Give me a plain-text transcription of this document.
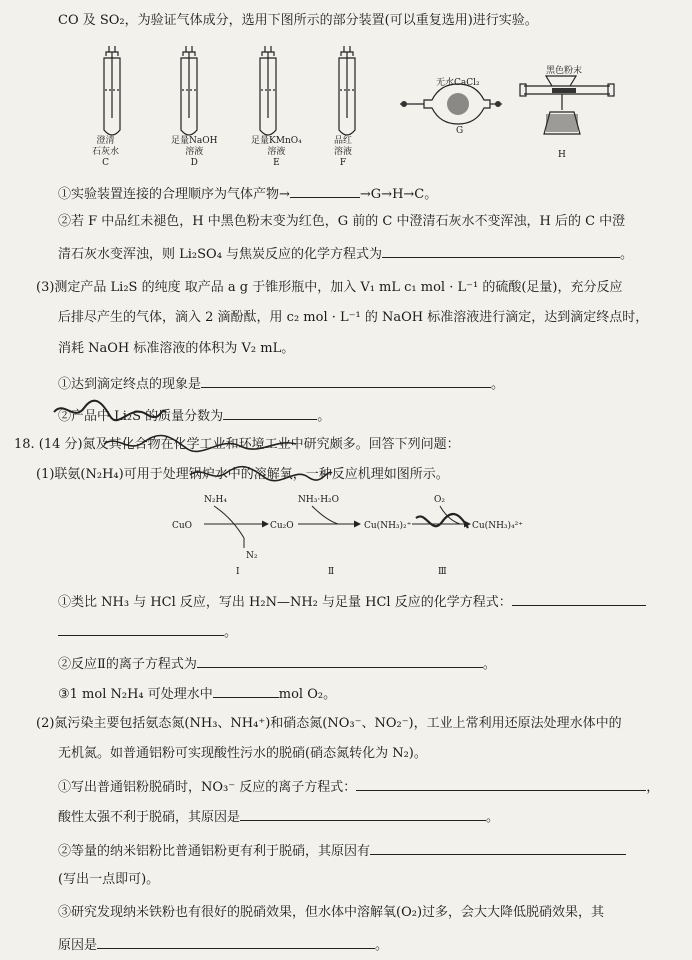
CO 及 SO₂，为验证气体成分，选用下图所示的部分装置(可以重复选用)进行实验。
澄清
石灰水
C
足量NaOH
溶液
D
足量KMnO₄
溶液
E
品红
溶液
F
无水CaCl₂
G
黑色粉末
H
①实验装置连接的合理顺序为气体产物→	→G→H→C。
②若 F 中品红未褪色，H 中黑色粉末变为红色，G 前的 C 中澄清石灰水不变浑浊，H 后的 C 中澄
清石灰水变浑浊，则 Li₂SO₄ 与焦炭反应的化学方程式为	。
(3)测定产品 Li₂S 的纯度 取产品 a g 于锥形瓶中，加入 V₁ mL c₁ mol · L⁻¹ 的硫酸(足量)，充分反应
后排尽产生的气体，滴入 2 滴酚酞，用 c₂ mol · L⁻¹ 的 NaOH 标准溶液进行滴定，达到滴定终点时，
消耗 NaOH 标准溶液的体积为 V₂ mL。
①达到滴定终点的现象是	。
②产品中 Li₂S 的质量分数为	。
18. (14 分)氮及其化合物在化学工业和环境工业中研究颇多。回答下列问题：
(1)联氨(N₂H₄)可用于处理锅炉水中的溶解氧，一种反应机理如图所示。
CuO
N₂H₄
N₂
Cu₂O
NH₃·H₂O
Cu(NH₃)₂⁺
O₂
Cu(NH₃)₄²⁺
Ⅰ	Ⅱ	Ⅲ
①类比 NH₃ 与 HCl 反应，写出 H₂N—NH₂ 与足量 HCl 反应的化学方程式：
。
②反应Ⅱ的离子方程式为	。
③1 mol N₂H₄ 可处理水中	mol O₂。
(2)氮污染主要包括氨态氮(NH₃、NH₄⁺)和硝态氮(NO₃⁻、NO₂⁻)，工业上常利用还原法处理水体中的
无机氮。如普通铝粉可实现酸性污水的脱硝(硝态氮转化为 N₂)。
①写出普通铝粉脱硝时，NO₃⁻ 反应的离子方程式：	，
酸性太强不利于脱硝，其原因是	。
②等量的纳米铝粉比普通铝粉更有利于脱硝，其原因有
(写出一点即可)。
③研究发现纳米铁粉也有很好的脱硝效果，但水体中溶解氧(O₂)过多，会大大降低脱硝效果，其
原因是	。
